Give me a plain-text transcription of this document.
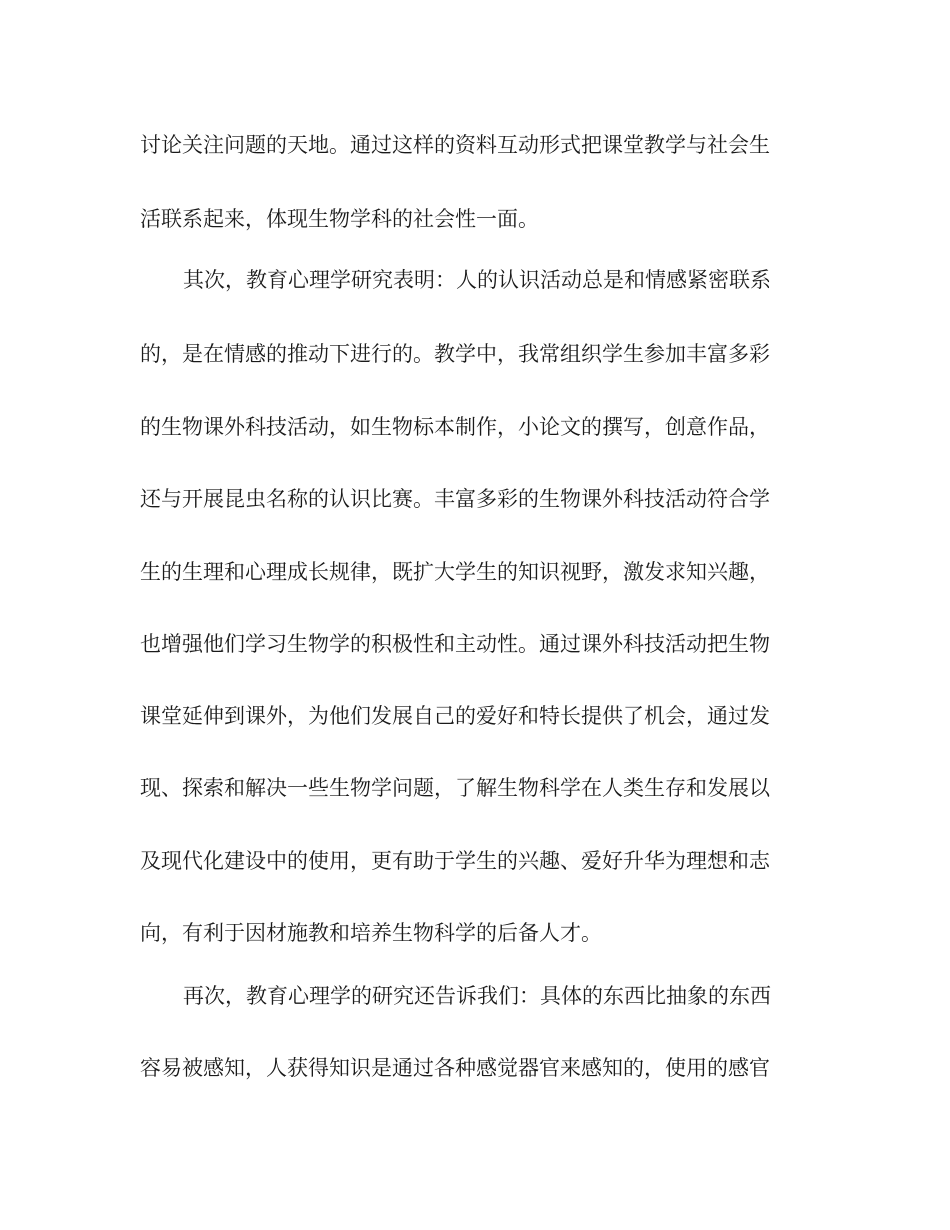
讨论关注问题的天地。通过这样的资料互动形式把课堂教学与社会生
活联系起来，体现生物学科的社会性一面。
其次，教育心理学研究表明：人的认识活动总是和情感紧密联系
的，是在情感的推动下进行的。教学中，我常组织学生参加丰富多彩
的生物课外科技活动，如生物标本制作，小论文的撰写，创意作品，
还与开展昆虫名称的认识比赛。丰富多彩的生物课外科技活动符合学
生的生理和心理成长规律，既扩大学生的知识视野，激发求知兴趣，
也增强他们学习生物学的积极性和主动性。通过课外科技活动把生物
课堂延伸到课外，为他们发展自己的爱好和特长提供了机会，通过发
现、探索和解决一些生物学问题，了解生物科学在人类生存和发展以
及现代化建设中的使用，更有助于学生的兴趣、爱好升华为理想和志
向，有利于因材施教和培养生物科学的后备人才。
再次，教育心理学的研究还告诉我们：具体的东西比抽象的东西
容易被感知，人获得知识是通过各种感觉器官来感知的，使用的感官
